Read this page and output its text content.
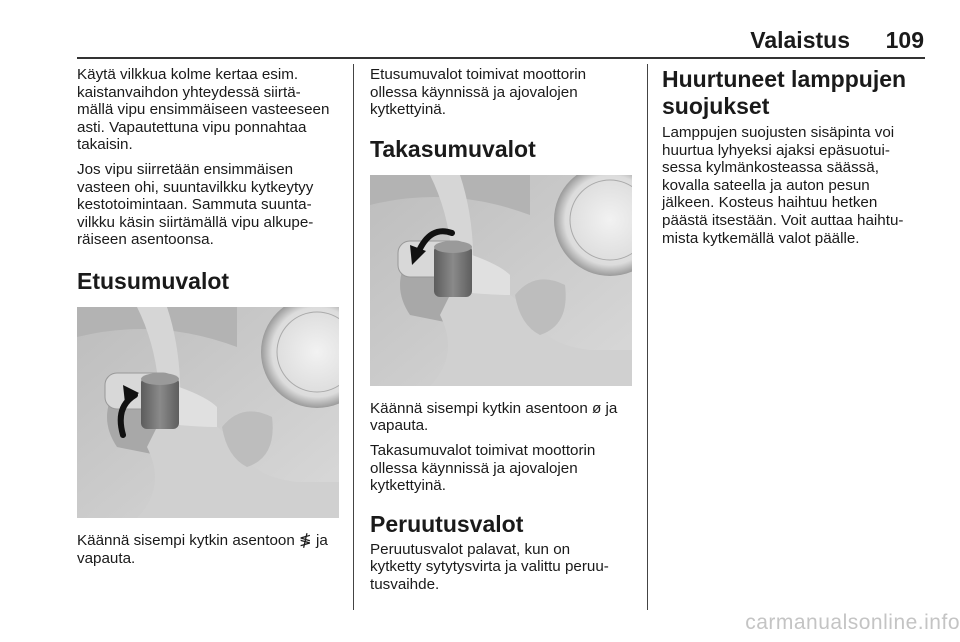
Valaistus	109
Käytä vilkkua kolme kertaa esim.
kaistanvaihdon yhteydessä siirtä-
mällä vipu ensimmäiseen vasteeseen
asti. Vapautettuna vipu ponnahtaa
takaisin.
Jos vipu siirretään ensimmäisen
vasteen ohi, suuntavilkku kytkeytyy
kestotoimintaan. Sammuta suunta-
vilkku käsin siirtämällä vipu alkupe-
räiseen asentoonsa.
Etusumuvalot
Käännä sisempi kytkin asentoon ≸ ja
vapauta.
Etusumuvalot toimivat moottorin
ollessa käynnissä ja ajovalojen
kytkettyinä.
Takasumuvalot
Käännä sisempi kytkin asentoon ø ja
vapauta.
Takasumuvalot toimivat moottorin
ollessa käynnissä ja ajovalojen
kytkettyinä.
Peruutusvalot
Peruutusvalot palavat, kun on
kytketty sytytysvirta ja valittu peruu-
tusvaihde.
Huurtuneet lamppujen
suojukset
Lamppujen suojusten sisäpinta voi
huurtua lyhyeksi ajaksi epäsuotui-
sessa kylmänkosteassa säässä,
kovalla sateella ja auton pesun
jälkeen. Kosteus haihtuu hetken
päästä itsestään. Voit auttaa haihtu-
mista kytkemällä valot päälle.
carmanualsonline.info
